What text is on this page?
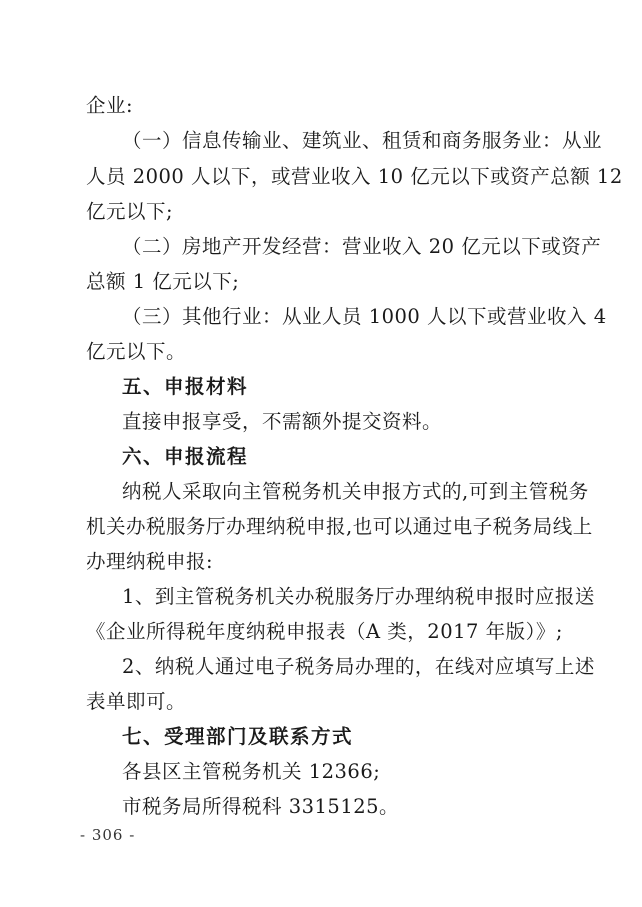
企业:
（一）信息传输业、建筑业、租赁和商务服务业：从业
人员 2000 人以下，或营业收入 10 亿元以下或资产总额 12
亿元以下;
（二）房地产开发经营：营业收入 20 亿元以下或资产
总额 1 亿元以下;
（三）其他行业：从业人员 1000 人以下或营业收入 4
亿元以下。
五、申报材料
直接申报享受，不需额外提交资料。
六、申报流程
纳税人采取向主管税务机关申报方式的,可到主管税务
机关办税服务厅办理纳税申报,也可以通过电子税务局线上
办理纳税申报:
1、到主管税务机关办税服务厅办理纳税申报时应报送
《企业所得税年度纳税申报表（A 类，2017 年版）》;
2、纳税人通过电子税务局办理的，在线对应填写上述
表单即可。
七、受理部门及联系方式
各县区主管税务机关 12366;
市税务局所得税科 3315125。
- 306 -
